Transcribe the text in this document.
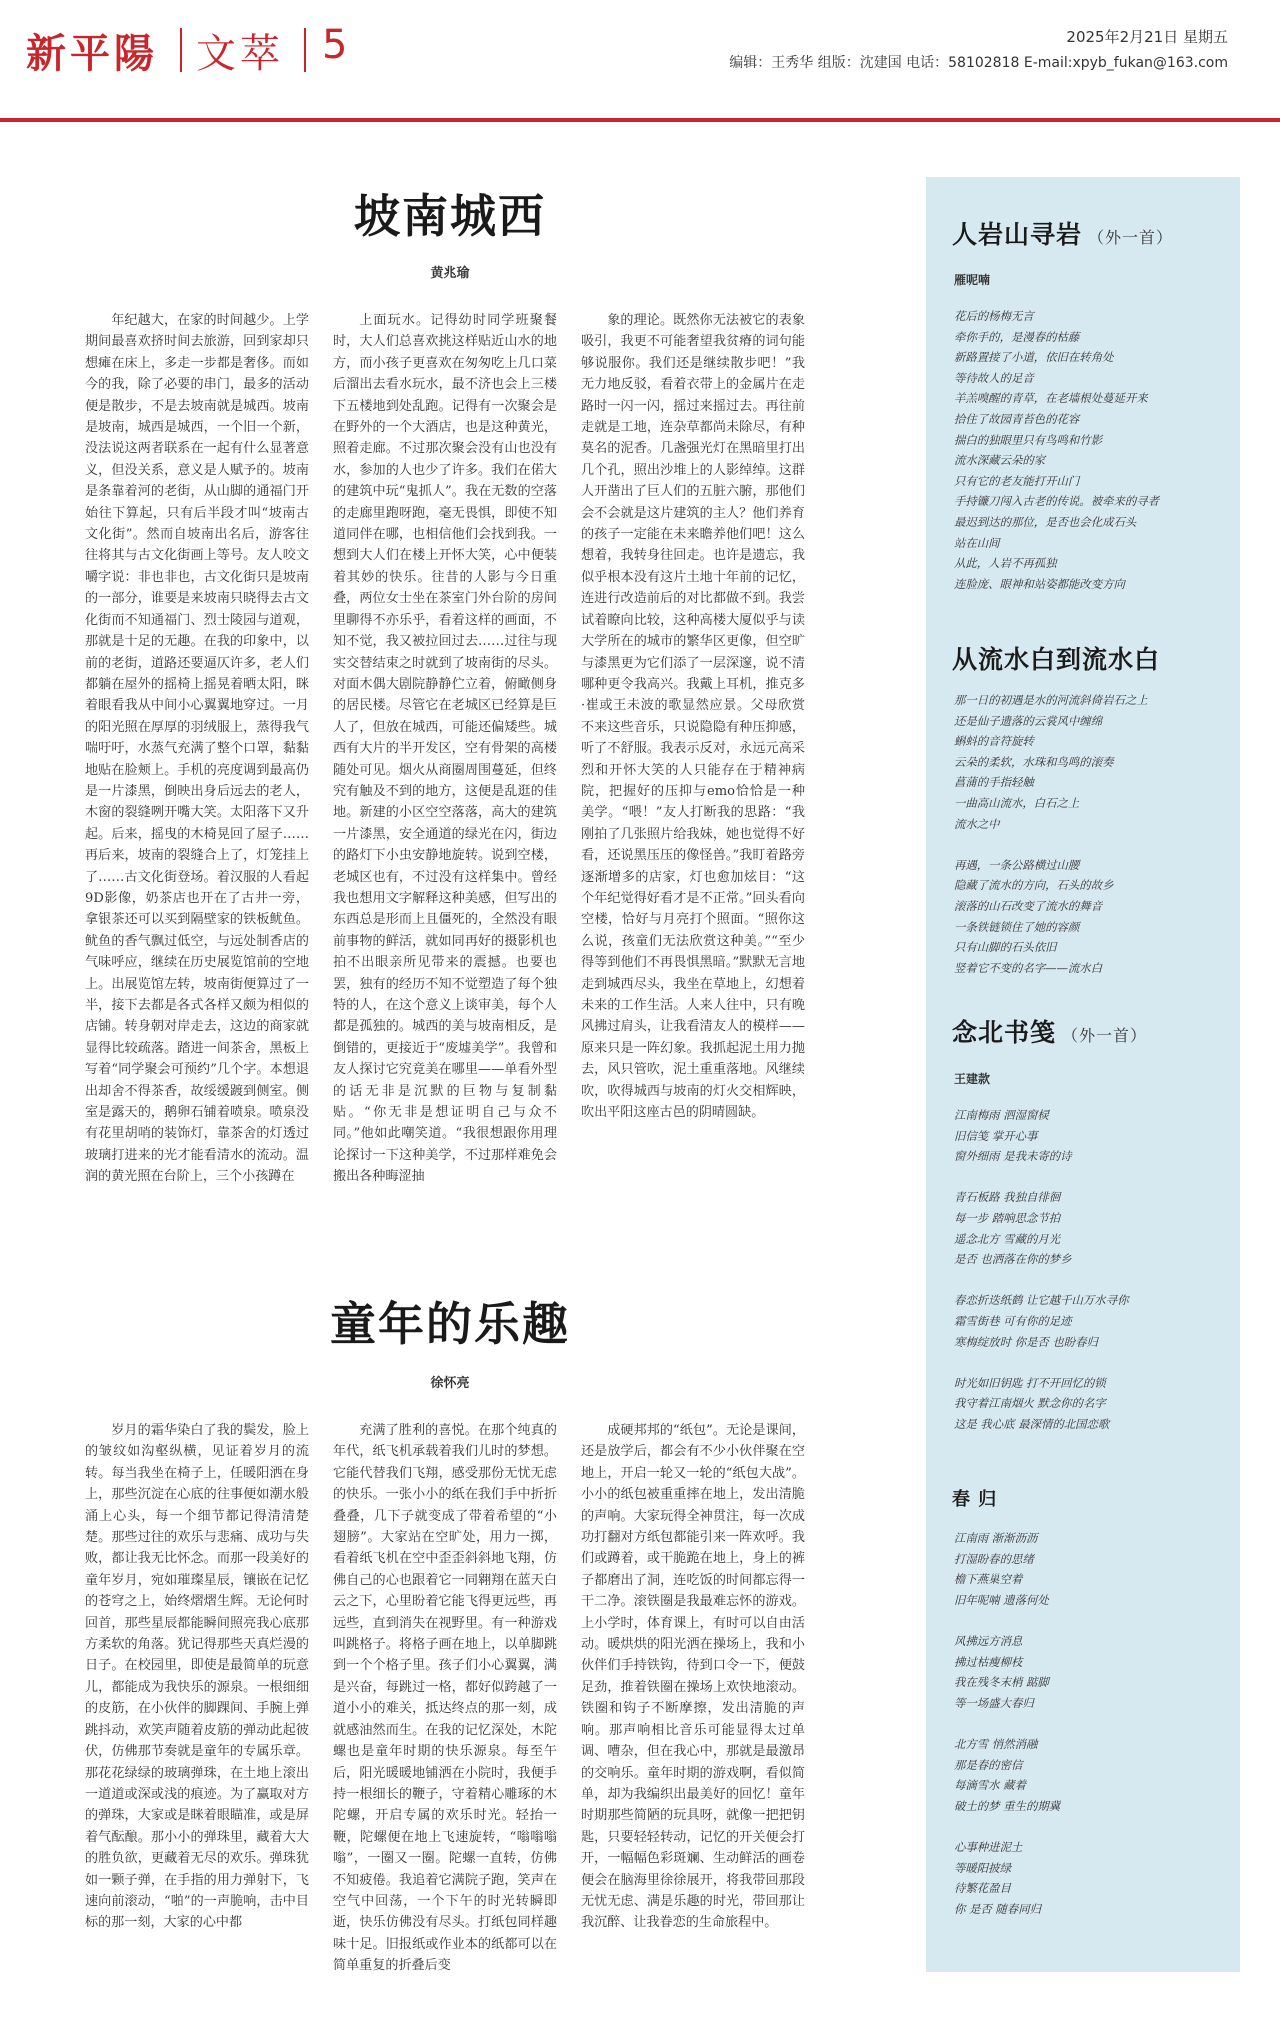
新平陽 文萃 5	2025年2月21日 星期五
编辑：王秀华 组版：沈建国 电话：58102818 E-mail:xpyb_fukan@163.com
坡南城西
黄兆瑜

年纪越大，在家的时间越少。上学期间最喜欢挤时间去旅游，回到家却只想瘫在床上，多走一步都是奢侈。而如今的我，除了必要的串门，最多的活动便是散步，不是去坡南就是城西。坡南是坡南，城西是城西，一个旧一个新，没法说这两者联系在一起有什么显著意义，但没关系，意义是人赋予的。坡南是条靠着河的老街，从山脚的通福门开始往下算起，只有后半段才叫“坡南古文化街”。然而自坡南出名后，游客往往将其与古文化街画上等号。友人咬文嚼字说：非也非也，古文化街只是坡南的一部分，谁要是来坡南只晓得去古文化街而不知通福门、烈士陵园与道观，那就是十足的无趣。在我的印象中，以前的老街，道路还要逼仄许多，老人们都躺在屋外的摇椅上摇晃着晒太阳，眯着眼看我从中间小心翼翼地穿过。一月的阳光照在厚厚的羽绒服上，蒸得我气喘吁吁，水蒸气充满了整个口罩，黏黏地贴在脸颊上。手机的亮度调到最高仍是一片漆黑，倒映出身后远去的老人，木窗的裂缝咧开嘴大笑。太阳落下又升起。后来，摇曳的木椅晃回了屋子……再后来，坡南的裂缝合上了，灯笼挂上了……古文化街登场。着汉服的人看起9D影像，奶茶店也开在了古井一旁，拿银茶还可以买到隔壁家的铁板鱿鱼。鱿鱼的香气飘过低空，与远处制香店的气味呼应，继续在历史展览馆前的空地上。出展览馆左转，坡南街便算过了一半，接下去都是各式各样又颇为相似的店铺。转身朝对岸走去，这边的商家就显得比较疏落。踏进一间茶舍，黑板上写着“同学聚会可预约”几个字。本想退出却舍不得茶香，故绥缓踱到侧室。侧室是露天的，鹅卵石铺着喷泉。喷泉没有花里胡哨的装饰灯，靠茶舍的灯透过玻璃打进来的光才能看清水的流动。温润的黄光照在台阶上，三个小孩蹲在

上面玩水。记得幼时同学班聚餐时，大人们总喜欢挑这样贴近山水的地方，而小孩子更喜欢在匆匆吃上几口菜后溜出去看水玩水，最不济也会上三楼下五楼地到处乱跑。记得有一次聚会是在野外的一个大酒店，也是这种黄光，照着走廊。不过那次聚会没有山也没有水，参加的人也少了许多。我们在偌大的建筑中玩“鬼抓人”。我在无数的空落的走廊里跑呀跑，毫无畏惧，即使不知道同伴在哪，也相信他们会找到我。一想到大人们在楼上开怀大笑，心中便装着其妙的快乐。往昔的人影与今日重叠，两位女士坐在茶室门外台阶的房间里聊得不亦乐乎，看着这样的画面，不知不觉，我又被拉回过去……过往与现实交替结束之时就到了坡南街的尽头。对面木偶大剧院静静伫立着，俯瞰侧身的居民楼。尽管它在老城区已经算是巨人了，但放在城西，可能还偏矮些。城西有大片的半开发区，空有骨架的高楼随处可见。烟火从商圈周围蔓延，但终究有触及不到的地方，这便是乱逛的佳地。新建的小区空空落落，高大的建筑一片漆黑，安全通道的绿光在闪，街边的路灯下小虫安静地旋转。说到空楼，老城区也有，不过没有这样集中。曾经我也想用文字解释这种美感，但写出的东西总是形而上且僵死的，全然没有眼前事物的鲜活，就如同再好的摄影机也拍不出眼亲所见带来的震撼。也要也罢，独有的经历不知不觉塑造了每个独特的人，在这个意义上谈审美，每个人都是孤独的。城西的美与坡南相反，是倒错的，更接近于“废墟美学”。我曾和友人探讨它究竟美在哪里——单看外型的话无非是沉默的巨物与复制黏贴。“你无非是想证明自己与众不同。”他如此嘲笑道。“我很想跟你用理论探讨一下这种美学，不过那样难免会搬出各种晦涩抽

象的理论。既然你无法被它的表象吸引，我更不可能奢望我贫瘠的词句能够说服你。我们还是继续散步吧！”我无力地反驳，看着衣带上的金属片在走路时一闪一闪，摇过来摇过去。再往前走就是工地，连杂草都尚未除尽，有种莫名的泥香。几盏强光灯在黑暗里打出几个孔，照出沙堆上的人影绰绰。这群人开凿出了巨人们的五脏六腑，那他们会不会就是这片建筑的主人？他们养育的孩子一定能在未来瞻养他们吧！这么想着，我转身往回走。也许是遗忘，我似乎根本没有这片土地十年前的记忆，连进行改造前后的对比都做不到。我尝试着瞭向比较，这种高楼大厦似乎与读大学所在的城市的繁华区更像，但空旷与漆黑更为它们添了一层深邃，说不清哪种更令我高兴。我戴上耳机，推克多·崔或王未波的歌显然应景。父母欣赏不来这些音乐，只说隐隐有种压抑感，听了不舒服。我表示反对，永远元高采烈和开怀大笑的人只能存在于精神病院，把握好的压抑与emo恰恰是一种美学。“喂！”友人打断我的思路：“我刚拍了几张照片给我妹，她也觉得不好看，还说黑压压的像怪兽。”我盯着路旁逐渐增多的店家，灯也愈加炫目：“这个年纪觉得好看才是不正常。”回头看向空楼，恰好与月亮打个照面。“照你这么说，孩童们无法欣赏这种美。”“至少得等到他们不再畏惧黑暗。”默默无言地走到城西尽头，我坐在草地上，幻想着未来的工作生活。人来人往中，只有晚风拂过肩头，让我看清友人的模样——原来只是一阵幻象。我抓起泥土用力抛去，风只管吹，泥土重重落地。风继续吹，吹得城西与坡南的灯火交相辉映，吹出平阳这座古邑的阴晴圆缺。

童年的乐趣
徐怀亮

岁月的霜华染白了我的鬓发，脸上的皱纹如沟壑纵横，见证着岁月的流转。每当我坐在椅子上，任暖阳洒在身上，那些沉淀在心底的往事便如潮水般涌上心头，每一个细节都记得清清楚楚。那些过往的欢乐与悲痛、成功与失败，都让我无比怀念。而那一段美好的童年岁月，宛如璀璨星辰，镶嵌在记忆的苍穹之上，始终熠熠生辉。无论何时回首，那些星辰都能瞬间照亮我心底那方柔软的角落。犹记得那些天真烂漫的日子。在校园里，即使是最简单的玩意儿，都能成为我快乐的源泉。一根细细的皮筋，在小伙伴的脚踝间、手腕上弹跳抖动，欢笑声随着皮筋的弹动此起彼伏，仿佛那节奏就是童年的专属乐章。那花花绿绿的玻璃弹珠，在土地上滚出一道道或深或浅的痕迹。为了赢取对方的弹珠，大家或是眯着眼瞄准，或是屏着气酝酿。那小小的弹珠里，藏着大大的胜负欲，更藏着无尽的欢乐。弹珠犹如一颗子弹，在手指的用力弹射下，飞速向前滚动，“啪”的一声脆响，击中目标的那一刻，大家的心中都

充满了胜利的喜悦。在那个纯真的年代，纸飞机承载着我们儿时的梦想。它能代替我们飞翔，感受那份无忧无虑的快乐。一张小小的纸在我们手中折折叠叠，几下子就变成了带着希望的“小翅膀”。大家站在空旷处，用力一掷，看着纸飞机在空中歪歪斜斜地飞翔，仿佛自己的心也跟着它一同翱翔在蓝天白云之下，心里盼着它能飞得更远些，再远些，直到消失在视野里。有一种游戏叫跳格子。将格子画在地上，以单脚跳到一个个格子里。孩子们小心翼翼，满是兴奋，每跳过一格，都好似跨越了一道小小的难关，抵达终点的那一刻，成就感油然而生。在我的记忆深处，木陀螺也是童年时期的快乐源泉。每至午后，阳光暖暖地铺洒在小院时，我便手持一根细长的鞭子，守着精心雕琢的木陀螺，开启专属的欢乐时光。轻抬一鞭，陀螺便在地上飞速旋转，“嗡嗡嗡嗡”，一圈又一圈。陀螺一直转，仿佛不知疲倦。我追着它满院子跑，笑声在空气中回荡，一个下午的时光转瞬即逝，快乐仿佛没有尽头。打纸包同样趣味十足。旧报纸或作业本的纸都可以在简单重复的折叠后变

成硬邦邦的“纸包”。无论是课间，还是放学后，都会有不少小伙伴聚在空地上，开启一轮又一轮的“纸包大战”。小小的纸包被重重摔在地上，发出清脆的声响。大家玩得全神贯注，每一次成功打翻对方纸包都能引来一阵欢呼。我们或蹲着，或干脆跪在地上，身上的裤子都磨出了洞，连吃饭的时间都忘得一干二净。滚铁圈是我最难忘怀的游戏。上小学时，体育课上，有时可以自由活动。暖烘烘的阳光洒在操场上，我和小伙伴们手持铁钩，待到口令一下，便鼓足劲，推着铁圈在操场上欢快地滚动。铁圈和钩子不断摩擦，发出清脆的声响。那声响相比音乐可能显得太过单调、嘈杂，但在我心中，那就是最激昂的交响乐。童年时期的游戏啊，看似简单，却为我编织出最美好的回忆！童年时期那些简陋的玩具呀，就像一把把钥匙，只要轻轻转动，记忆的开关便会打开，一幅幅色彩斑斓、生动鲜活的画卷便会在脑海里徐徐展开，将我带回那段无忧无虑、满是乐趣的时光，带回那让我沉醉、让我眷恋的生命旅程中。

人岩山寻岩 （外一首）
雁呢喃
花后的杨梅无言
牵你手的，是漫春的枯藤
新路置接了小道，依旧在转角处
等待故人的足音
羊羔嗅醒的青草，在老墙根处蔓延开来
拾住了故园青苔色的花容
揣白的独眼里只有鸟鸣和竹影
流水深藏云朵的家
只有它的老友能打开山门
手持镰刀闯入古老的传说。被牵来的寻者
最迟到达的那位，是否也会化成石头
站在山间
从此，人岩不再孤独
连脸庞、眼神和站姿都能改变方向
从流水白到流水白
那一日的初遇是水的河流斜倚岩石之上
还是仙子遗落的云裳风中缠绵
蝌蚪的音符旋转
云朵的柔软，水珠和鸟鸣的滚奏
菖蒲的手指轻触
一曲高山流水，白石之上
流水之中
再遇，一条公路横过山腰
隐藏了流水的方向，石头的故乡
滚落的山石改变了流水的舞音
一条铁链锁住了她的容颜
只有山脚的石头依旧
竖着它不变的名字——流水白
念北书笺 （外一首）
王建款
江南梅雨 泗湿窗棂
旧信笺 掌开心事
窗外细雨 是我未寄的诗
青石板路 我独自徘徊
每一步 踏响思念节拍
遥念北方 雪藏的月光
是否 也洒落在你的梦乡
春恋折迭纸鹤 让它越千山万水寻你
霜雪街巷 可有你的足迹
寒梅绽放时 你是否 也盼春归
时光如旧钥匙 打不开回忆的锁
我守着江南烟火 默念你的名字
这是 我心底 最深情的北国恋歌
春 归
江南雨 渐渐沥沥
打湿盼春的思绪
檐下燕巢空着
旧年呢喃 遗落何处
风拂远方消息
拂过枯瘦柳枝
我在残冬末梢 踮脚
等一场盛大春归
北方雪 悄然消融
那是春的密信
每滴雪水 藏着
破土的梦 重生的期冀
心事种进泥土
等暖阳披绿
待繁花盈目
你 是否 随春同归
